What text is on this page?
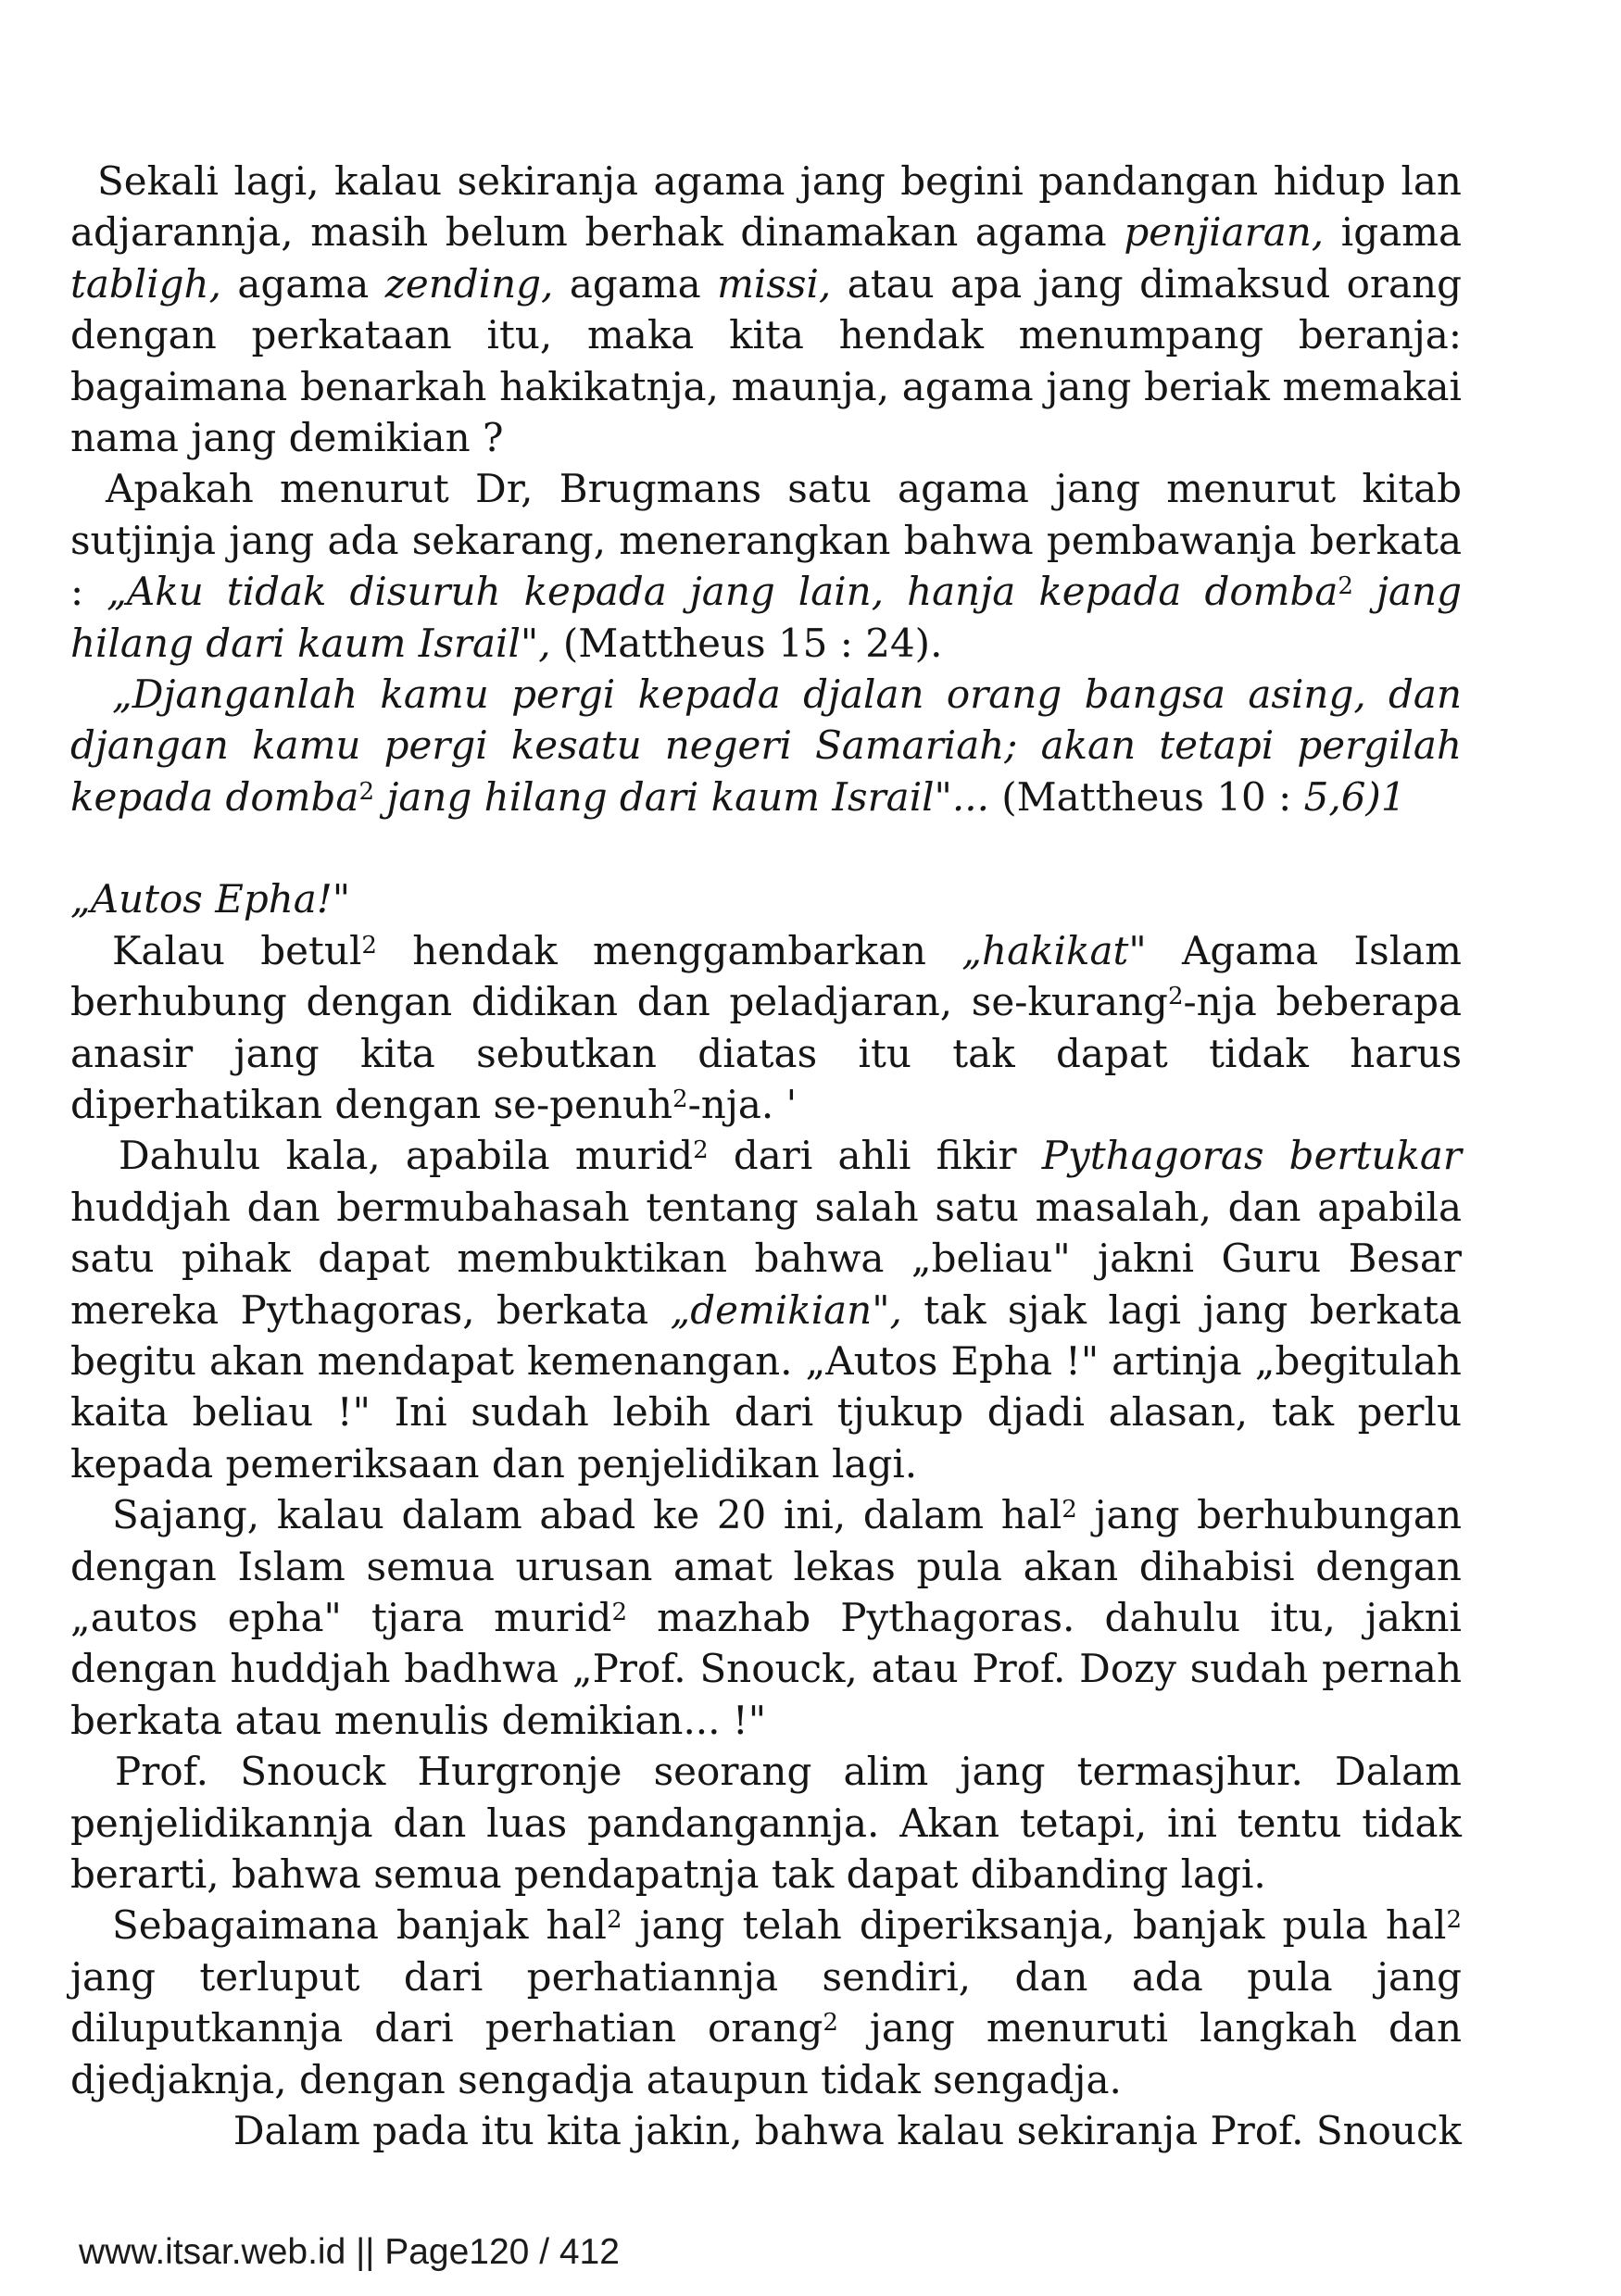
Sekali lagi, kalau sekiranja agama jang begini pandangan hidup lan adjarannja, masih belum berhak dinamakan agama penjiaran, igama tabligh, agama zending, agama missi, atau apa jang dimaksud orang dengan perkataan itu, maka kita hendak menumpang beranja: bagaimana benarkah hakikatnja, maunja, agama jang beriak memakai nama jang demikian ?

Apakah menurut Dr, Brugmans satu agama jang menurut kitab sutjinja jang ada sekarang, menerangkan bahwa pembawanja berkata : „Aku tidak disuruh kepada jang lain, hanja kepada domba$^2$ jang hilang dari kaum Israil", (Mattheus 15 : 24).

„Djanganlah kamu pergi kepada djalan orang bangsa asing, dan djangan kamu pergi kesatu negeri Samariah; akan tetapi pergilah kepada domba$^2$ jang hilang dari kaum Israil"... (Mattheus 10 : 5,6)1

„Autos Epha!"

Kalau betul$^2$ hendak menggambarkan „hakikat" Agama Islam berhubung dengan didikan dan peladjaran, se-kurang$^2$-nja beberapa anasir jang kita sebutkan diatas itu tak dapat tidak harus diperhatikan dengan se-penuh$^2$-nja. '

Dahulu kala, apabila murid$^2$ dari ahli fikir Pythagoras bertukar huddjah dan bermubahasah tentang salah satu masalah, dan apabila satu pihak dapat membuktikan bahwa „beliau" jakni Guru Besar mereka Pythagoras, berkata „demikian", tak sjak lagi jang berkata begitu akan mendapat kemenangan. „Autos Epha !" artinja „begitulah kaita beliau !" Ini sudah lebih dari tjukup djadi alasan, tak perlu kepada pemeriksaan dan penjelidikan lagi.

Sajang, kalau dalam abad ke 20 ini, dalam hal$^2$ jang berhubungan dengan Islam semua urusan amat lekas pula akan dihabisi dengan „autos epha" tjara murid$^2$ mazhab Pythagoras. dahulu itu, jakni dengan huddjah badhwa „Prof. Snouck, atau Prof. Dozy sudah pernah berkata atau menulis demikian... !"

Prof. Snouck Hurgronje seorang alim jang termasjhur. Dalam penjelidikannja dan luas pandangannja. Akan tetapi, ini tentu tidak berarti, bahwa semua pendapatnja tak dapat dibanding lagi.

Sebagaimana banjak hal$^2$ jang telah diperiksanja, banjak pula hal$^2$ jang terluput dari perhatiannja sendiri, dan ada pula jang diluputkannja dari perhatian orang$^2$ jang menuruti langkah dan djedjaknja, dengan sengadja ataupun tidak sengadja.

Dalam pada itu kita jakin, bahwa kalau sekiranja Prof. Snouck

www.itsar.web.id || Page120 / 412
